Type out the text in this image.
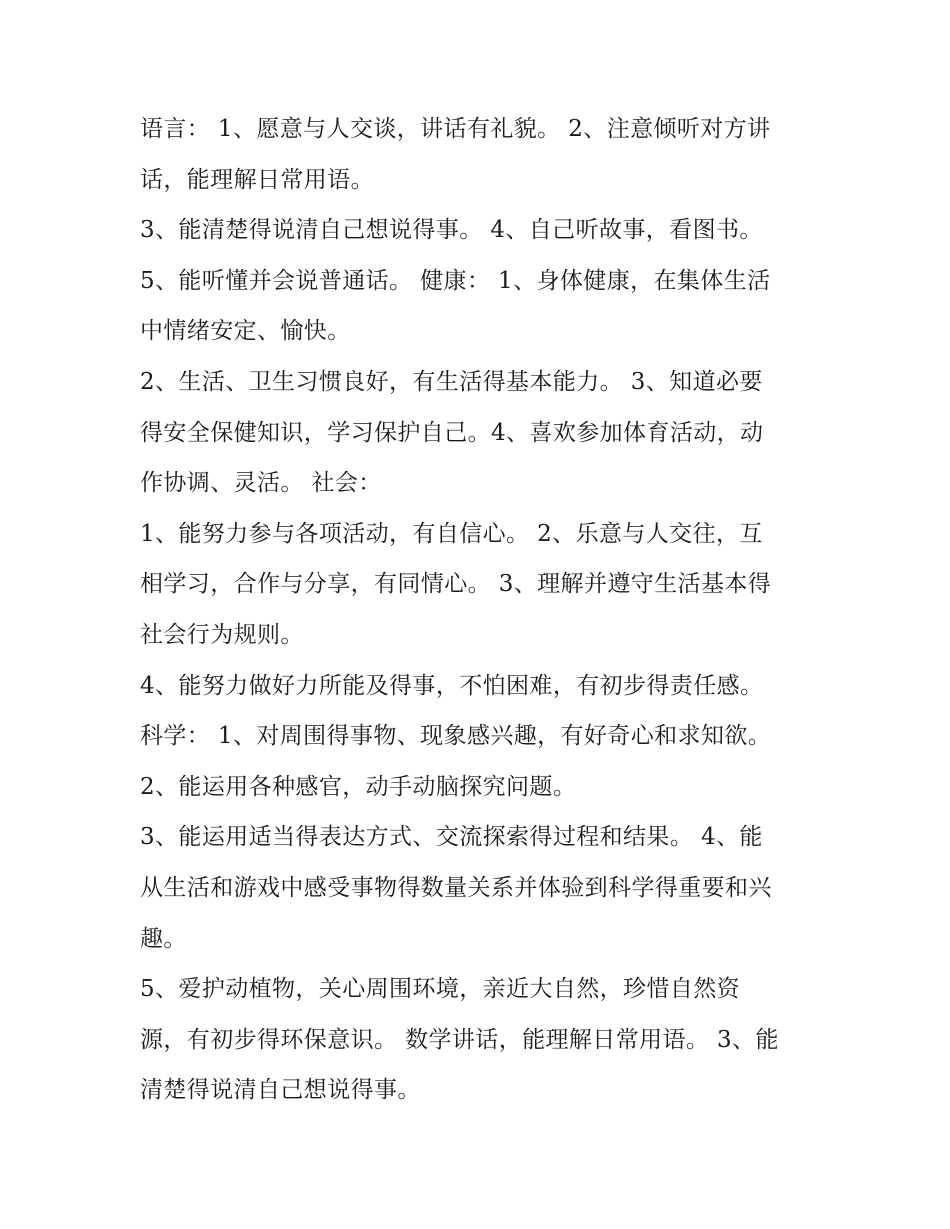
语言： 1、愿意与人交谈，讲话有礼貌。 2、注意倾听对方讲
话，能理解日常用语。
3、能清楚得说清自己想说得事。 4、自己听故事，看图书。
5、能听懂并会说普通话。 健康： 1、身体健康，在集体生活
中情绪安定、愉快。
2、生活、卫生习惯良好，有生活得基本能力。 3、知道必要
得安全保健知识，学习保护自己。4、喜欢参加体育活动，动
作协调、灵活。 社会：
1、能努力参与各项活动，有自信心。 2、乐意与人交往，互
相学习，合作与分享，有同情心。 3、理解并遵守生活基本得
社会行为规则。
4、能努力做好力所能及得事，不怕困难，有初步得责任感。
科学： 1、对周围得事物、现象感兴趣，有好奇心和求知欲。
2、能运用各种感官，动手动脑探究问题。
3、能运用适当得表达方式、交流探索得过程和结果。 4、能
从生活和游戏中感受事物得数量关系并体验到科学得重要和兴
趣。
5、爱护动植物，关心周围环境，亲近大自然，珍惜自然资
源，有初步得环保意识。 数学讲话，能理解日常用语。 3、能
清楚得说清自己想说得事。
